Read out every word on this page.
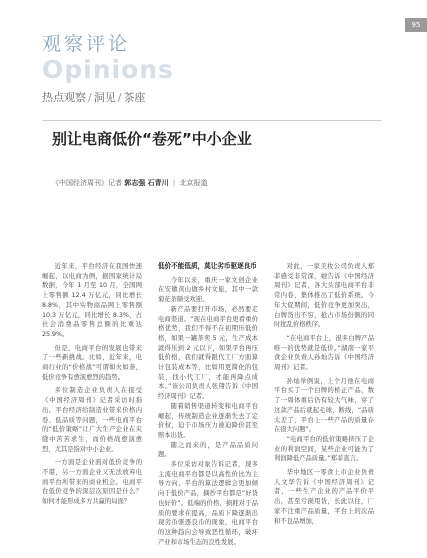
95
观察评论
Opinions
热点观察 / 洞见 / 茶座
别让电商低价“卷死”中小企业
《中国经济周刊》记者 郭志强 石青川 | 北京报道

近年来，平台经济在我国快速崛起，以电商为例，据国家统计局数据，今年 1 月至 10 月，全国网上零售额 12.4 万亿元，同比增长 8.8%，其中实物商品网上零售额 10.3 万亿元，同比增长 8.3%，占社会消费品零售总额的比重达 25.9%。

但是，电商平台的发展也带来了一些新挑战。比如，近年来，电商行业的“价格战”可谓如火如荼，低价竞争有愈演愈烈的趋势。

多位制造企业负责人在接受《中国经济周刊》记者采访时指出，平台经济给制造业带来价格内卷、低品质等问题，一些电商平台的“低价策略”让广大生产企业在夹缝中苦苦求生，而价格战愈演愈烈，尤其是指对中小企业。

一方面是企业面对低价竞争的不堪，另一方面企业又无法放弃电商平台所带来的商业机会。电商平台低价竞争的深层次原因是什么？如何才能形成多方共赢的局面？

低价不能低质，莫让劣币驱逐良币

今年以来，重庆一家文创企业在安徽黄山做乡村文旅，其中一款菊花茶颇受欢迎。

新产品要打开市场，必然要走电商渠道。“现在电商平台更看重价格优势，我们不得不在初期压低价格，如果一罐茶卖 5 元，生产成本就得压到 2 元以下，如果平台再压低价格，我们就得跟代工厂方面算计包装成本等，比如用更简化的包装，找小代工厂，才能再降点成本。”该公司负责人张翔告诉《中国经济周刊》记者。

随着销售渠道转变和电商平台崛起，传统制造企业逐渐失去了定价权，迫于市场压力被迫降价甚至赔本出货。

随之而来的，是产品品质问题。

多位采访对象告诉记者，现多主流电商平台都是以高性价比为主导方向，平台的算法逻辑会更加倾向于低价产品，摘抄平台都是“好货也好价”。低端的价格，损耗对于品质的要求在提高，品质下降逐渐出现劣币驱逐良币的现象，电商平台的这种趋向会导致恶性循环，破坏产业和市场生态的良性发展。

对此，一家美妆公司负责人郑菲感受非常深，她告诉《中国经济周刊》记者，各大头部电商平台非常内卷，集体推出了低价系统。今年大促期间，低价竞争更加突出，白牌货出不穷，抢占市场份额的同时扰乱价格秩序。

“在电商平台上，很多白牌产品唯一的优势就是低价。”湖南一家平食企业负责人孙灿告诉《中国经济周刊》记者。

孙灿举例说，上个月他在电商平台买了一个白牌的桥正产品，数了一周体重后仍有较大气味，穿了这款产品后就起毛球、断线，“品质太差了，平台上一些产品的质量存在很大问题”。

“电商平台的低价策略挤压了企业的利润空间，某些企业可能为了利润降低产品质量。”郑菲直言。

华中地区一零食上市企业负责人文华告诉《中国经济周刊》记者，一些生产企业的产品平价平出，甚至亏损甩货，长此以往，厂家不注重产品质量，平台上的次品和不良品增加，
